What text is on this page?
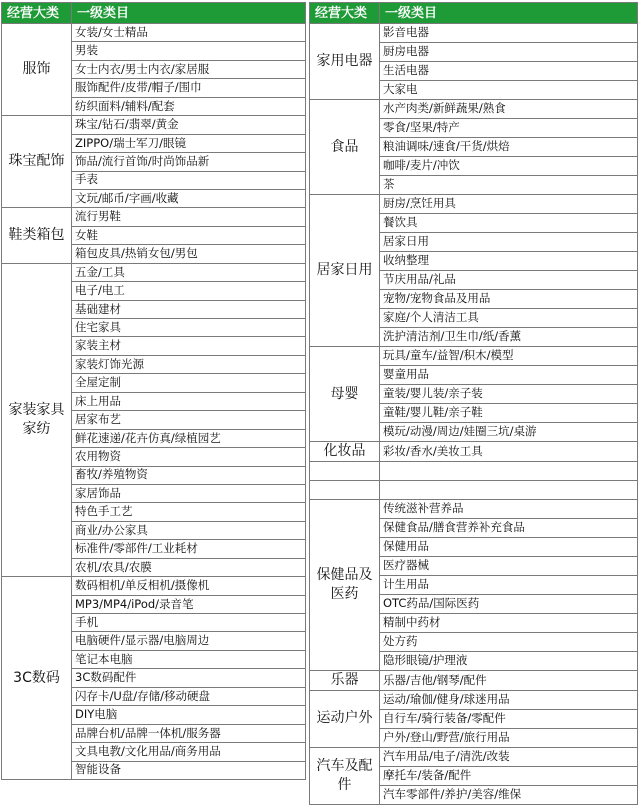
经营大类	一级类目
服饰	女装/女士精品
	男装
	女士内衣/男士内衣/家居服
	服饰配件/皮带/帽子/围巾
	纺织面料/辅料/配套
珠宝配饰	珠宝/钻石/翡翠/黄金
	ZIPPO/瑞士军刀/眼镜
	饰品/流行首饰/时尚饰品新
	手表
	文玩/邮币/字画/收藏
鞋类箱包	流行男鞋
	女鞋
	箱包皮具/热销女包/男包
家装家具家纺	五金/工具
	电子/电工
	基础建材
	住宅家具
	家装主材
	家装灯饰光源
	全屋定制
	床上用品
	居家布艺
	鲜花速递/花卉仿真/绿植园艺
	农用物资
	畜牧/养殖物资
	家居饰品
	特色手工艺
	商业/办公家具
	标准件/零部件/工业耗材
	农机/农具/农膜
3C数码	数码相机/单反相机/摄像机
	MP3/MP4/iPod/录音笔
	手机
	电脑硬件/显示器/电脑周边
	笔记本电脑
	3C数码配件
	闪存卡/U盘/存储/移动硬盘
	DIY电脑
	品牌台机/品牌一体机/服务器
	文具电教/文化用品/商务用品
	智能设备
经营大类	一级类目
家用电器	影音电器
	厨房电器
	生活电器
	大家电
食品	水产肉类/新鲜蔬果/熟食
	零食/坚果/特产
	粮油调味/速食/干货/烘焙
	咖啡/麦片/冲饮
	茶
居家日用	厨房/烹饪用具
	餐饮具
	居家日用
	收纳整理
	节庆用品/礼品
	宠物/宠物食品及用品
	家庭/个人清洁工具
	洗护清洁剂/卫生巾/纸/香薰
母婴	玩具/童车/益智/积木/模型
	婴童用品
	童装/婴儿装/亲子装
	童鞋/婴儿鞋/亲子鞋
	模玩/动漫/周边/娃圈三坑/桌游
化妆品	彩妆/香水/美妆工具

保健品及医药	传统滋补营养品
	保健食品/膳食营养补充食品
	保健用品
	医疗器械
	计生用品
	OTC药品/国际医药
	精制中药材
	处方药
	隐形眼镜/护理液
乐器	乐器/吉他/钢琴/配件
运动户外	运动/瑜伽/健身/球迷用品
	自行车/骑行装备/零配件
	户外/登山/野营/旅行用品
汽车及配件	汽车用品/电子/清洗/改装
	摩托车/装备/配件
	汽车零部件/养护/美容/维保
